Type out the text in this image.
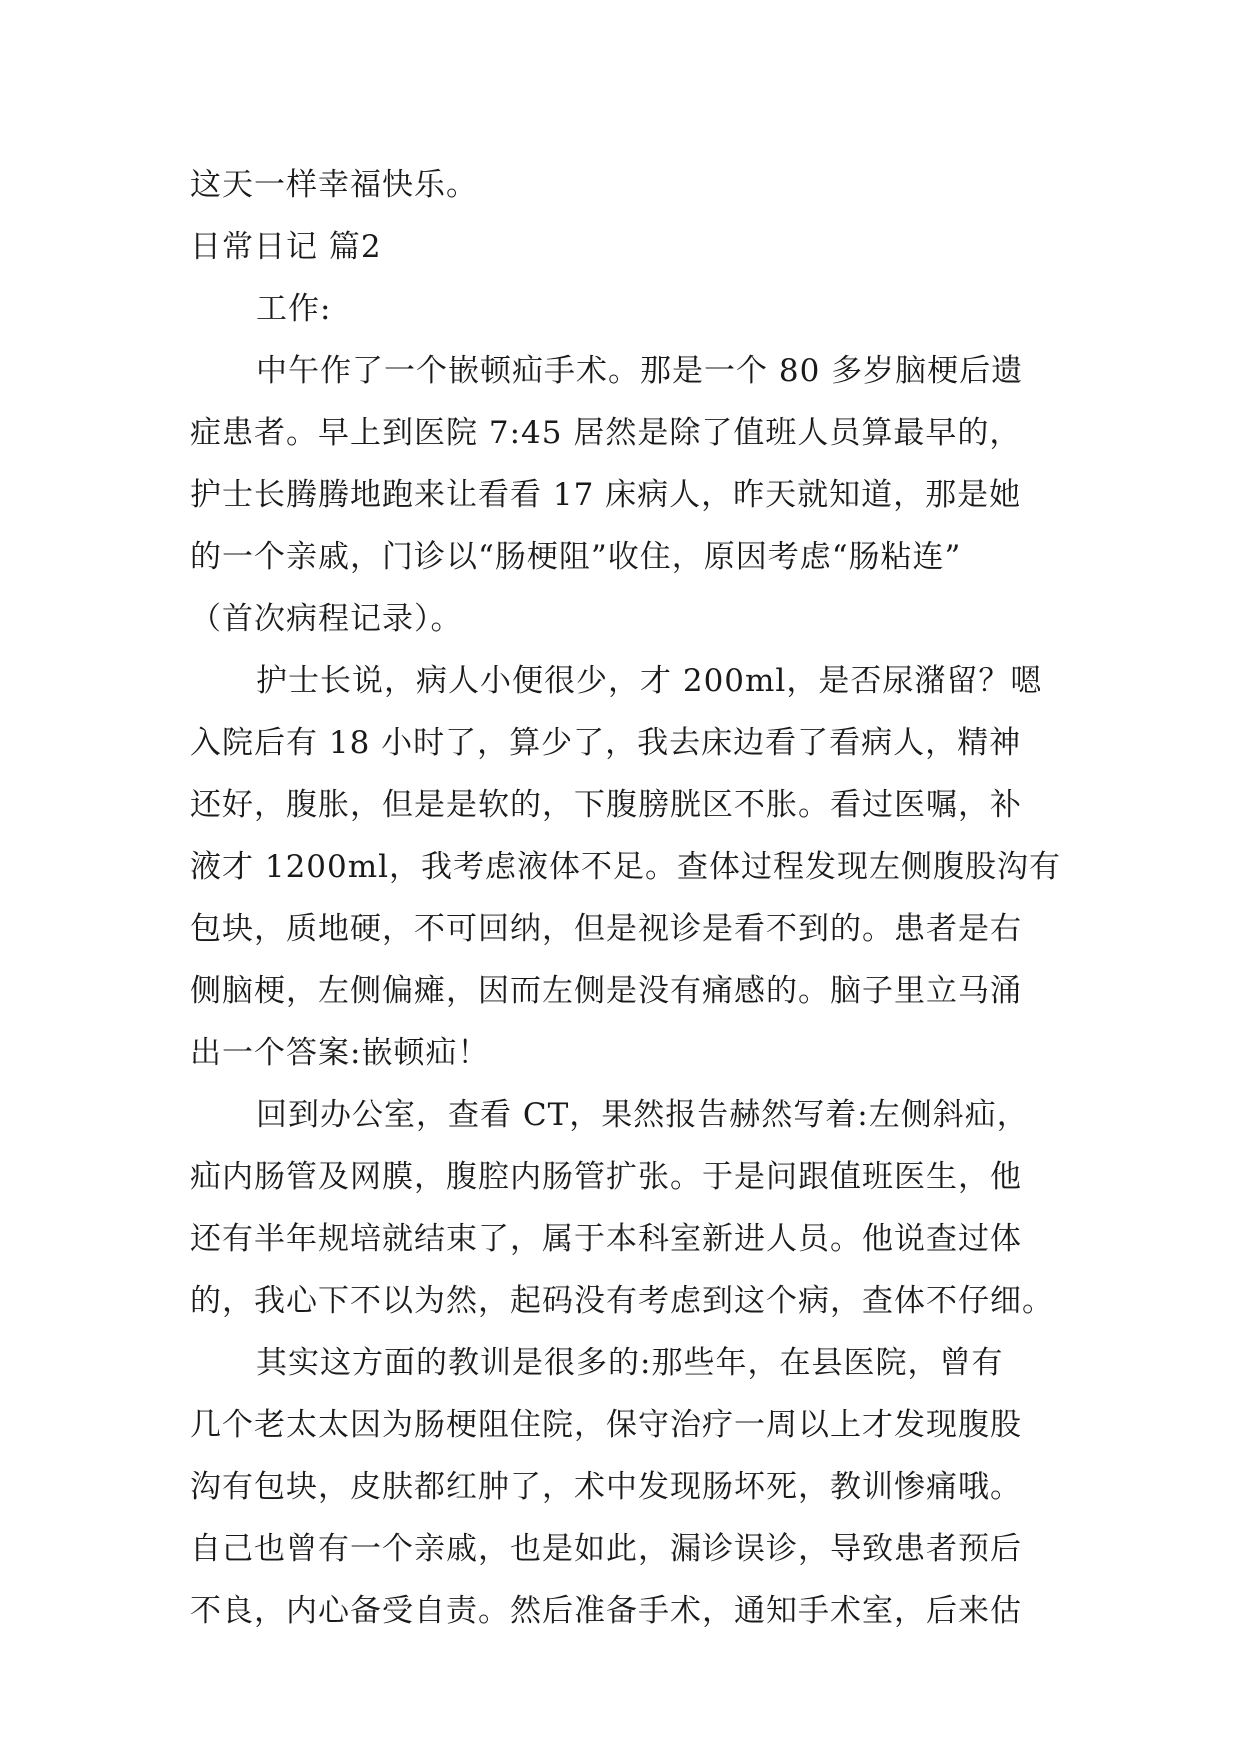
这天一样幸福快乐。
日常日记 篇2
工作:
中午作了一个嵌顿疝手术。那是一个 80 多岁脑梗后遗
症患者。早上到医院 7:45 居然是除了值班人员算最早的，
护士长腾腾地跑来让看看 17 床病人，昨天就知道，那是她
的一个亲戚，门诊以“肠梗阻”收住，原因考虑“肠粘连”
（首次病程记录）。
护士长说，病人小便很少，才 200ml，是否尿潴留？嗯
入院后有 18 小时了，算少了，我去床边看了看病人，精神
还好，腹胀，但是是软的，下腹膀胱区不胀。看过医嘱，补
液才 1200ml，我考虑液体不足。查体过程发现左侧腹股沟有
包块，质地硬，不可回纳，但是视诊是看不到的。患者是右
侧脑梗，左侧偏瘫，因而左侧是没有痛感的。脑子里立马涌
出一个答案:嵌顿疝！
回到办公室，查看 CT，果然报告赫然写着:左侧斜疝，
疝内肠管及网膜，腹腔内肠管扩张。于是问跟值班医生，他
还有半年规培就结束了，属于本科室新进人员。他说查过体
的，我心下不以为然，起码没有考虑到这个病，查体不仔细。
其实这方面的教训是很多的:那些年，在县医院，曾有
几个老太太因为肠梗阻住院，保守治疗一周以上才发现腹股
沟有包块，皮肤都红肿了，术中发现肠坏死，教训惨痛哦。
自己也曾有一个亲戚，也是如此，漏诊误诊，导致患者预后
不良，内心备受自责。然后准备手术，通知手术室，后来估
